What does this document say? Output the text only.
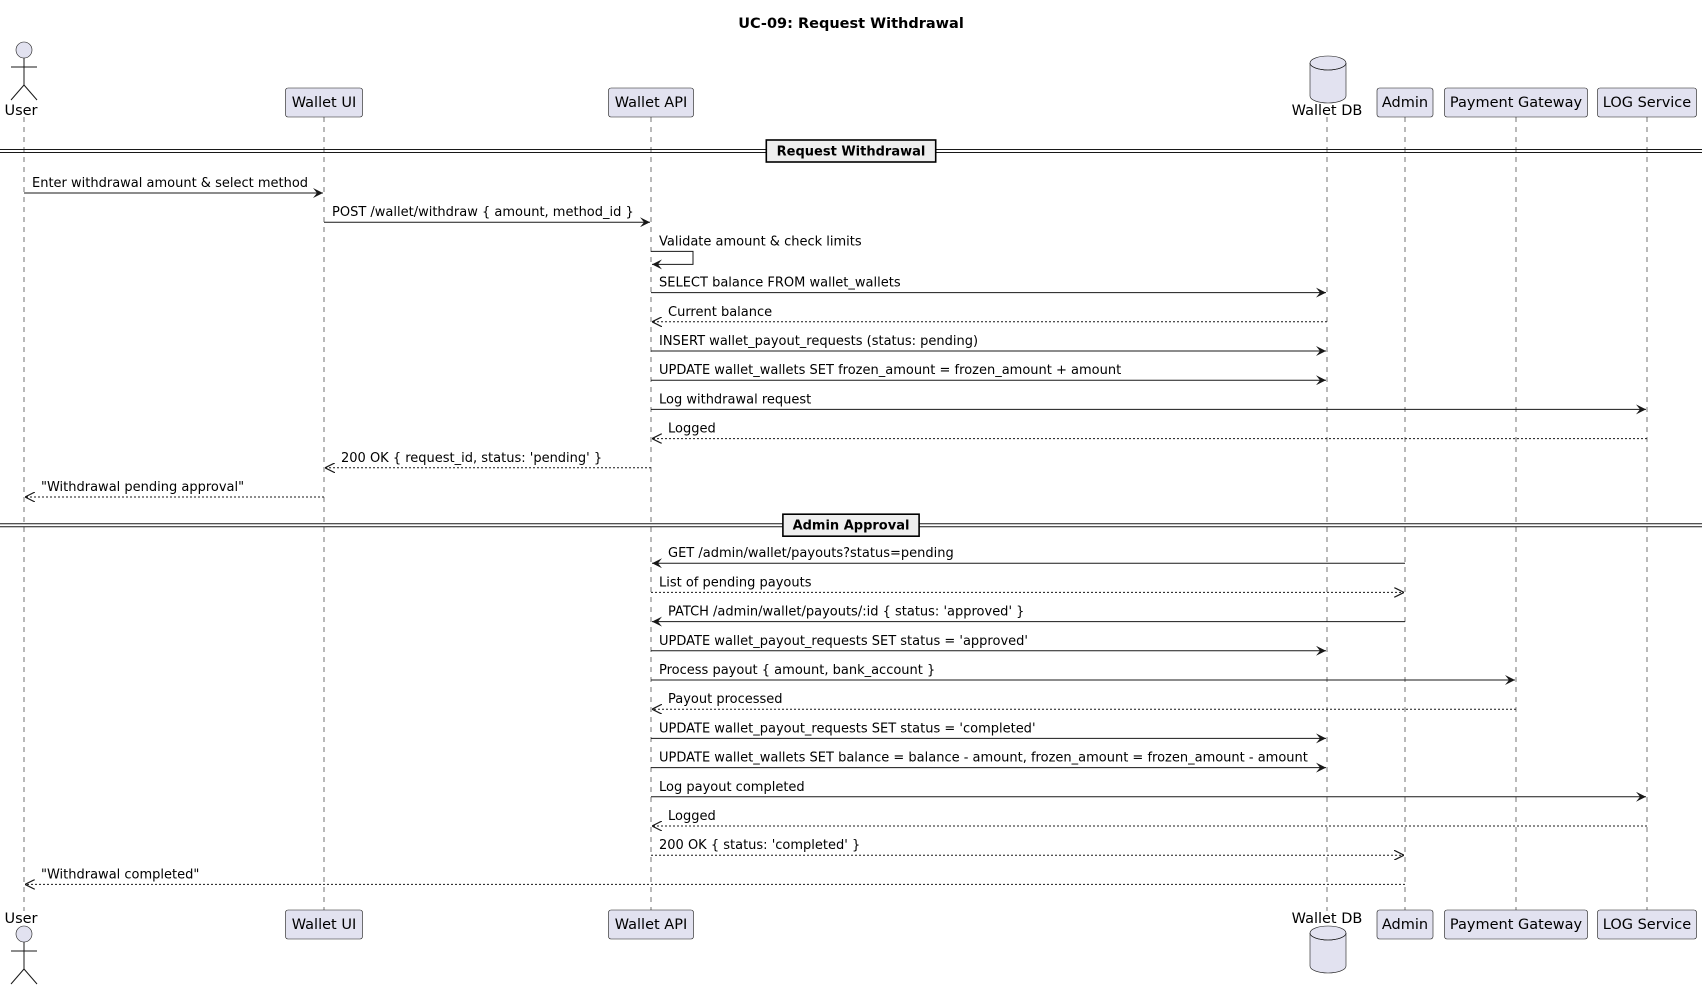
UC-09: Request Withdrawal
Request Withdrawal
Admin Approval
Enter withdrawal amount & select method
POST /wallet/withdraw { amount, method_id }
Validate amount & check limits
SELECT balance FROM wallet_wallets
Current balance
INSERT wallet_payout_requests (status: pending)
UPDATE wallet_wallets SET frozen_amount = frozen_amount + amount
Log withdrawal request
Logged
200 OK { request_id, status: 'pending' }
"Withdrawal pending approval"
GET /admin/wallet/payouts?status=pending
List of pending payouts
PATCH /admin/wallet/payouts/:id { status: 'approved' }
UPDATE wallet_payout_requests SET status = 'approved'
Process payout { amount, bank_account }
Payout processed
UPDATE wallet_payout_requests SET status = 'completed'
UPDATE wallet_wallets SET balance = balance - amount, frozen_amount = frozen_amount - amount
Log payout completed
Logged
200 OK { status: 'completed' }
"Withdrawal completed"
User
User
Wallet UI
Wallet UI
Wallet API
Wallet API
Wallet DB
Wallet DB
Admin
Admin
Payment Gateway
Payment Gateway
LOG Service
LOG Service
